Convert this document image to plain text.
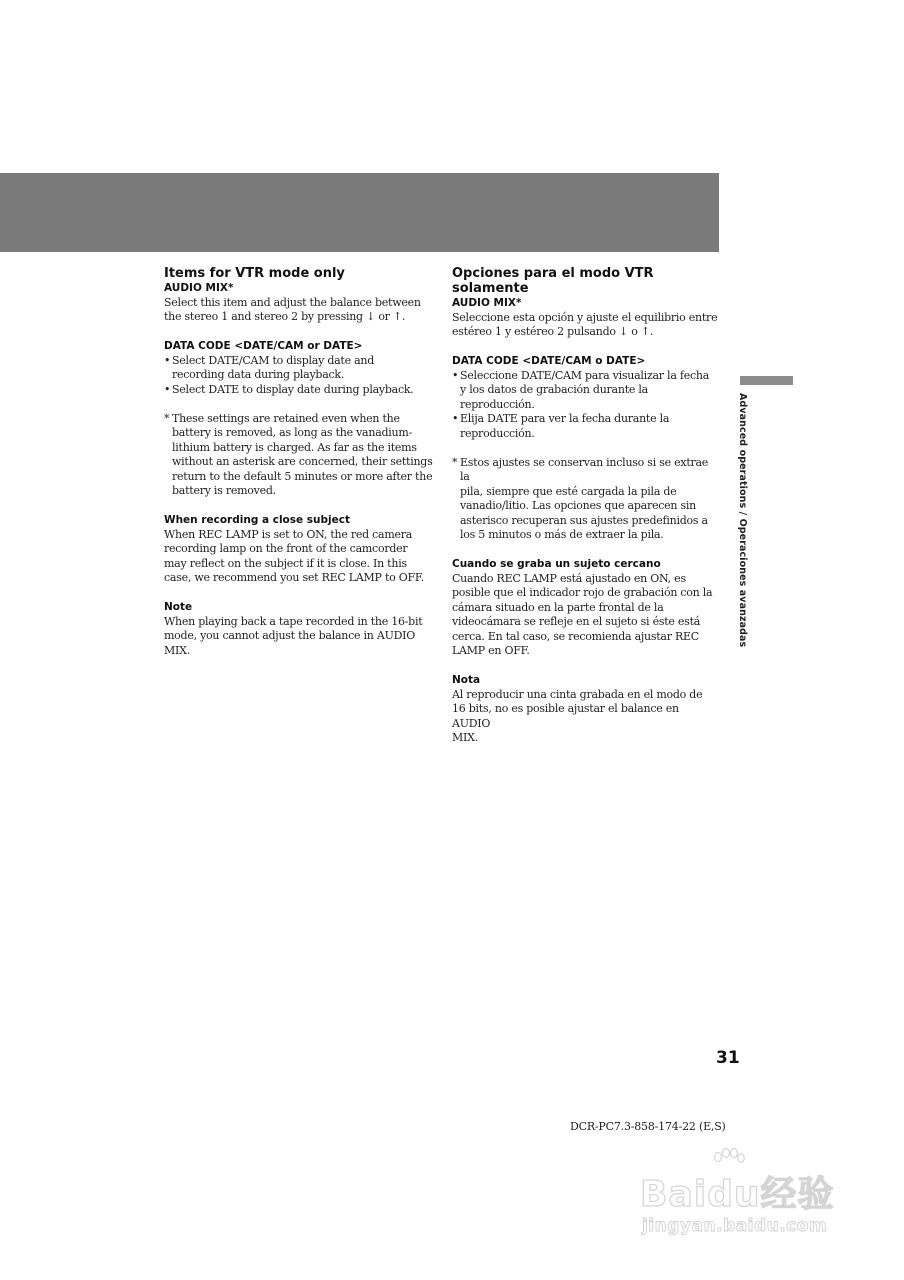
Items for VTR mode only
AUDIO MIX*
Select this item and adjust the balance between
the stereo 1 and stereo 2 by pressing ↓ or ↑.
DATA CODE <DATE/CAM or DATE>
• Select DATE/CAM to display date and
recording data during playback.
• Select DATE to display date during playback.
* These settings are retained even when the
battery is removed, as long as the vanadium-
lithium battery is charged. As far as the items
without an asterisk are concerned, their settings
return to the default 5 minutes or more after the
battery is removed.
When recording a close subject
When REC LAMP is set to ON, the red camera
recording lamp on the front of the camcorder
may reflect on the subject if it is close. In this
case, we recommend you set REC LAMP to OFF.
Note
When playing back a tape recorded in the 16-bit
mode, you cannot adjust the balance in AUDIO
MIX.
Opciones para el modo VTR
solamente
AUDIO MIX*
Seleccione esta opción y ajuste el equilibrio entre
estéreo 1 y estéreo 2 pulsando ↓ o ↑.
DATA CODE <DATE/CAM o DATE>
• Seleccione DATE/CAM para visualizar la fecha
y los datos de grabación durante la
reproducción.
• Elija DATE para ver la fecha durante la
reproducción.
* Estos ajustes se conservan incluso si se extrae la
pila, siempre que esté cargada la pila de
vanadio/litio. Las opciones que aparecen sin
asterisco recuperan sus ajustes predefinidos a
los 5 minutos o más de extraer la pila.
Cuando se graba un sujeto cercano
Cuando REC LAMP está ajustado en ON, es
posible que el indicador rojo de grabación con la
cámara situado en la parte frontal de la
videocámara se refleje en el sujeto si éste está
cerca. En tal caso, se recomienda ajustar REC
LAMP en OFF.
Nota
Al reproducir una cinta grabada en el modo de
16 bits, no es posible ajustar el balance en AUDIO
MIX.
Advanced operations / Operaciones avanzadas
31
DCR-PC7.3-858-174-22 (E,S)
Baidu经验
jingyan.baidu.com
